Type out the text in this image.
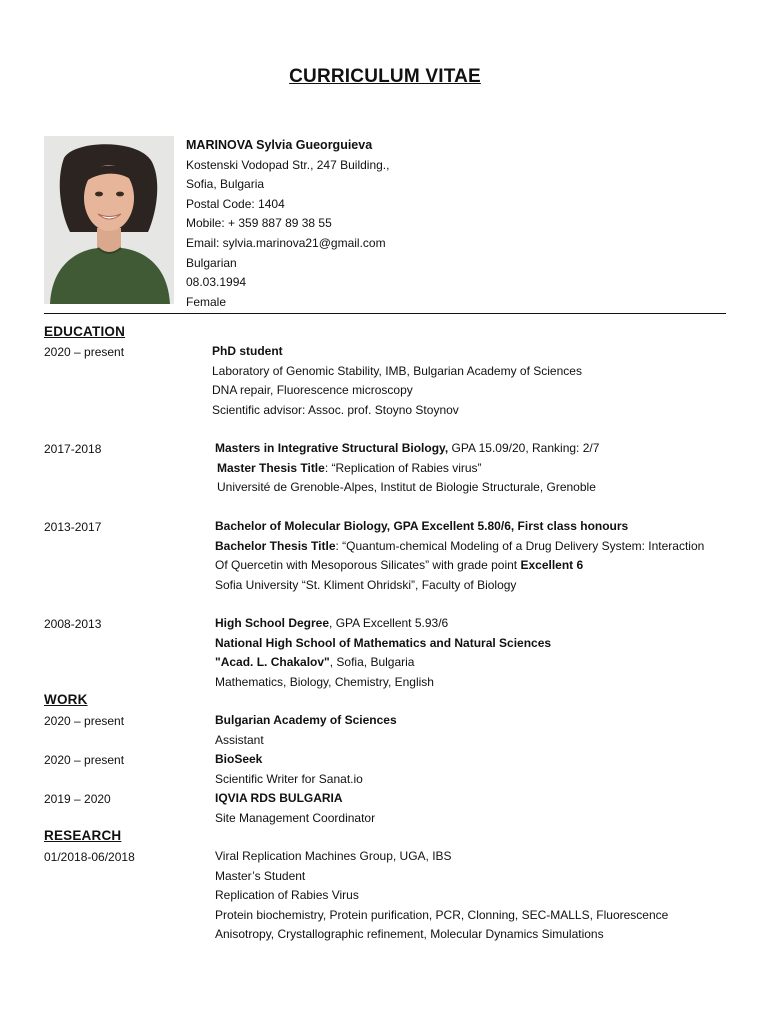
CURRICULUM VITAE
MARINOVA Sylvia Gueorguieva
Kostenski Vodopad Str., 247 Building.,
Sofia, Bulgaria
Postal Code: 1404
Mobile: + 359 887 89 38 55
Email: sylvia.marinova21@gmail.com
Bulgarian
08.03.1994
Female
EDUCATION
2020 – present	PhD student
Laboratory of Genomic Stability, IMB, Bulgarian Academy of Sciences
DNA repair, Fluorescence microscopy
Scientific advisor: Assoc. prof. Stoyno Stoynov
2017-2018	Masters in Integrative Structural Biology, GPA 15.09/20, Ranking: 2/7
Master Thesis Title: “Replication of Rabies virus”
Université de Grenoble-Alpes, Institut de Biologie Structurale, Grenoble
2013-2017	Bachelor of Molecular Biology, GPA Excellent 5.80/6, First class honours
Bachelor Thesis Title: “Quantum-chemical Modeling of a Drug Delivery System: Interaction
Of Quercetin with Mesoporous Silicates” with grade point Excellent 6
Sofia University “St. Kliment Ohridski”, Faculty of Biology
2008-2013	High School Degree, GPA Excellent 5.93/6
National High School of Mathematics and Natural Sciences
"Acad. L. Chakalov", Sofia, Bulgaria
Mathematics, Biology, Chemistry, English
WORK
2020 – present	Bulgarian Academy of Sciences
Assistant
2020 – present	BioSeek
Scientific Writer for Sanat.io
2019 – 2020	IQVIA RDS BULGARIA
Site Management Coordinator
RESEARCH
01/2018-06/2018	Viral Replication Machines Group, UGA, IBS
Master’s Student
Replication of Rabies Virus
Protein biochemistry, Protein purification, PCR, Clonning, SEC-MALLS, Fluorescence
Anisotropy, Crystallographic refinement, Molecular Dynamics Simulations
